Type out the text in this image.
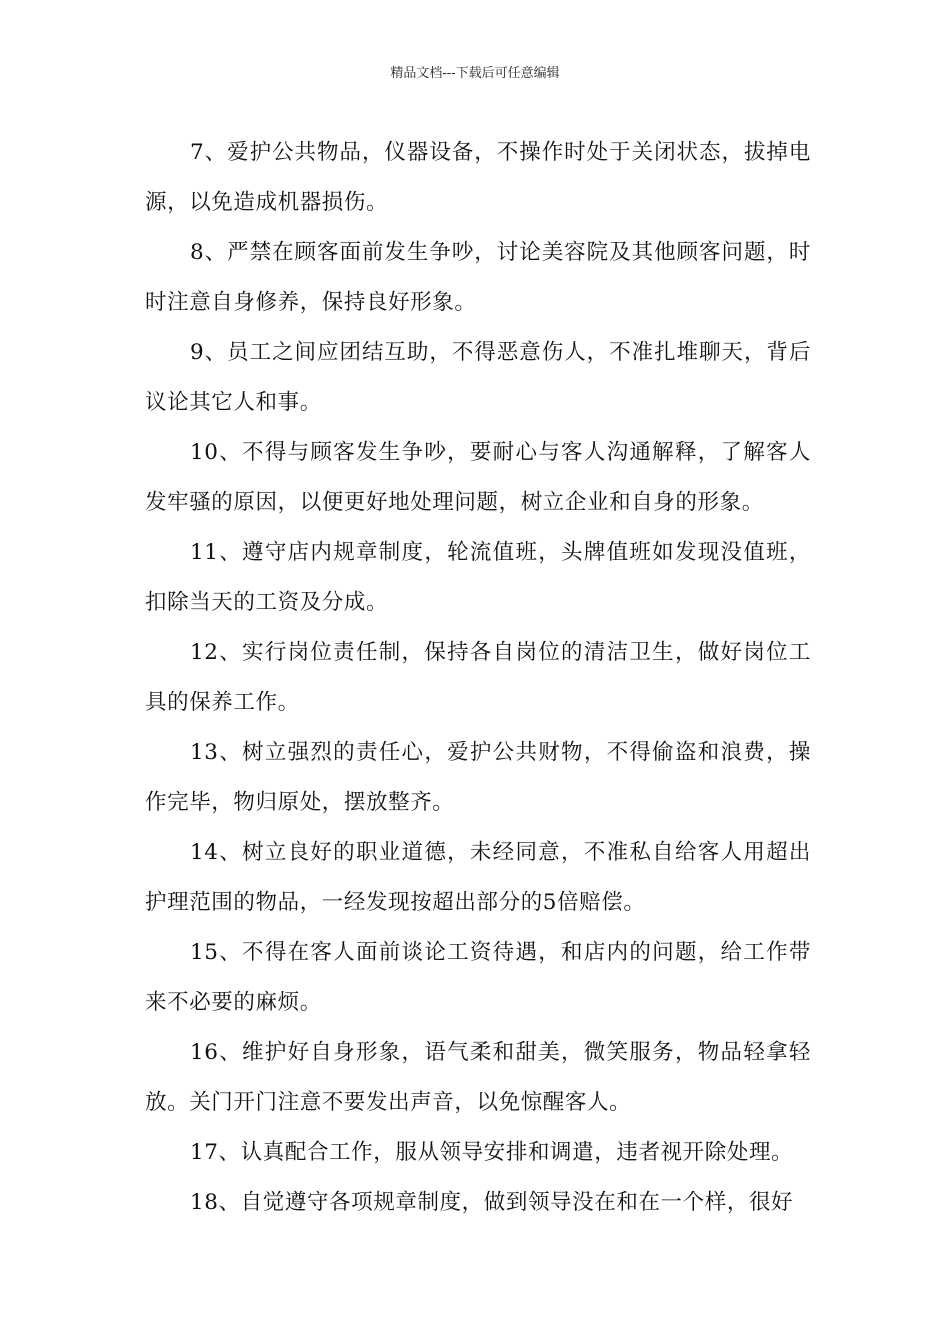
精品文档---下载后可任意编辑

7、爱护公共物品，仪器设备，不操作时处于关闭状态，拔掉电源，以免造成机器损伤。

8、严禁在顾客面前发生争吵，讨论美容院及其他顾客问题，时时注意自身修养，保持良好形象。

9、员工之间应团结互助，不得恶意伤人，不准扎堆聊天，背后议论其它人和事。

10、不得与顾客发生争吵，要耐心与客人沟通解释，了解客人发牢骚的原因，以便更好地处理问题，树立企业和自身的形象。

11、遵守店内规章制度，轮流值班，头牌值班如发现没值班，扣除当天的工资及分成。

12、实行岗位责任制，保持各自岗位的清洁卫生，做好岗位工具的保养工作。

13、树立强烈的责任心，爱护公共财物，不得偷盗和浪费，操作完毕，物归原处，摆放整齐。

14、树立良好的职业道德，未经同意，不准私自给客人用超出护理范围的物品，一经发现按超出部分的5倍赔偿。

15、不得在客人面前谈论工资待遇，和店内的问题，给工作带来不必要的麻烦。

16、维护好自身形象，语气柔和甜美，微笑服务，物品轻拿轻放。关门开门注意不要发出声音，以免惊醒客人。

17、认真配合工作，服从领导安排和调遣，违者视开除处理。

18、自觉遵守各项规章制度，做到领导没在和在一个样，很好
